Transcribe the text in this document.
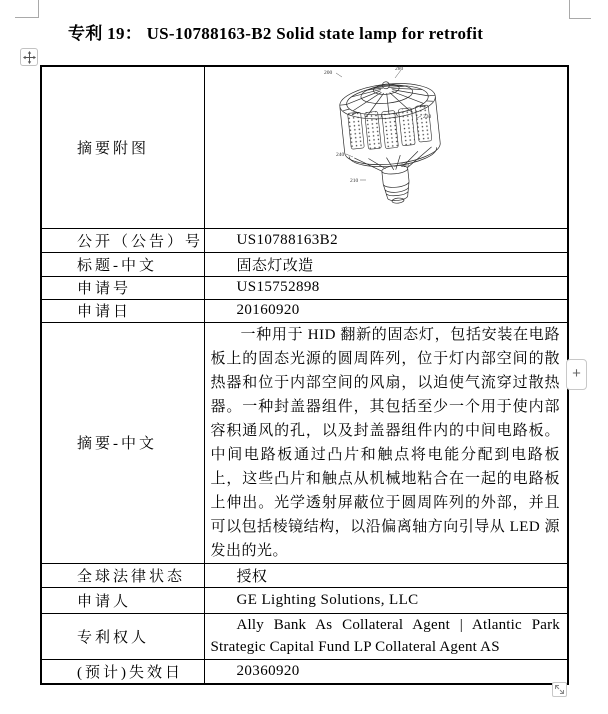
专利 19： US-10788163-B2 Solid state lamp for retrofit
摘要附图	
公开（公告）号	US10788163B2

标题-中文	固态灯改造

申请号	US15752898

申请日	20160920

摘要-中文	一种用于 HID 翻新的固态灯，包括安装在电路板上的固态光源的圆周阵列，位于灯内部空间的散热器和位于内部空间的风扇，以迫使气流穿过散热器。一种封盖器组件，其包括至少一个用于使内部容积通风的孔，以及封盖器组件内的中间电路板。中间电路板通过凸片和触点将电能分配到电路板上，这些凸片和触点从机械地粘合在一起的电路板上伸出。光学透射屏蔽位于圆周阵列的外部，并且可以包括棱镜结构，以沿偏离轴方向引导从 LED 源发出的光。

全球法律状态	授权

申请人	GE Lighting Solutions, LLC

专利权人	Ally Bank As Collateral Agent | Atlantic Park Strategic Capital Fund LP Collateral Agent AS

(预计)失效日	20360920
200
280
230
240
220
210
+
